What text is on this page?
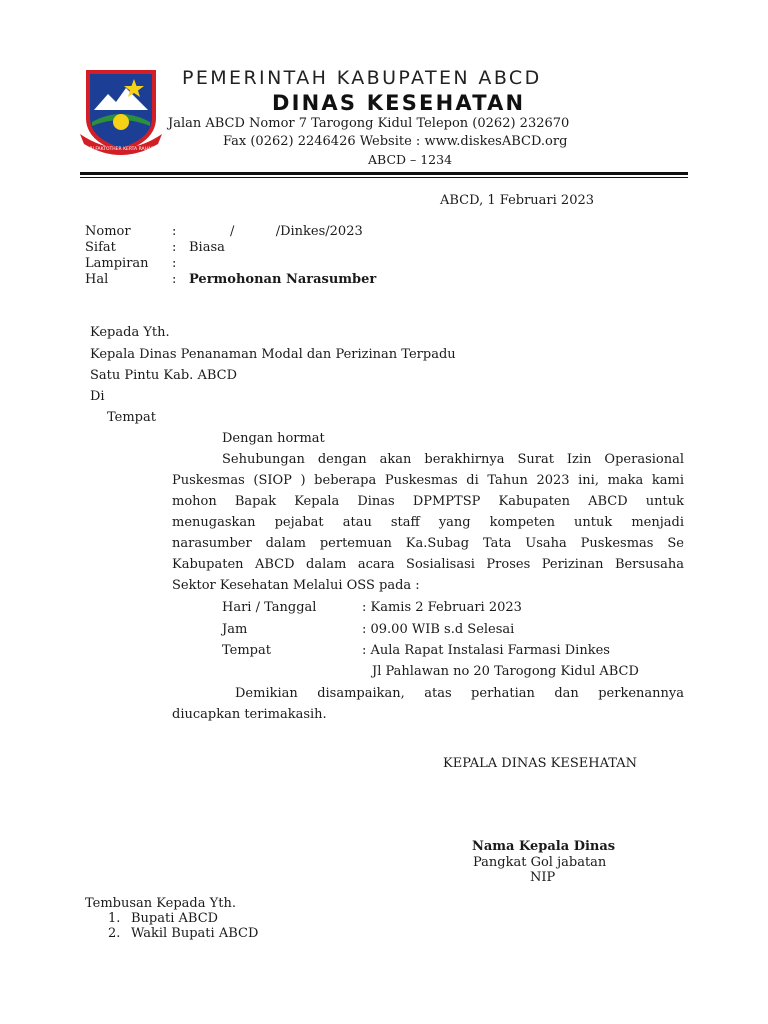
SARI FAKTOTHER KERTA RAHARJA
PEMERINTAH KABUPATEN ABCD
DINAS KESEHATAN
Jalan ABCD Nomor 7 Tarogong Kidul Telepon (0262) 232670
Fax (0262) 2246426 Website : www.diskesABCD.org
ABCD – 1234
ABCD, 1 Februari 2023
Nomor	:	/          /Dinkes/2023
Sifat	: Biasa
Lampiran :
Hal	: Permohonan Narasumber
Kepada Yth.
Kepala Dinas Penanaman Modal dan Perizinan Terpadu
Satu Pintu Kab. ABCD
Di
Tempat
Dengan hormat
Sehubungan dengan akan berakhirnya Surat Izin Operasional
Puskesmas (SIOP ) beberapa Puskesmas di Tahun 2023 ini, maka kami
mohon Bapak Kepala Dinas DPMPTSP Kabupaten ABCD untuk
menugaskan pejabat atau staff yang kompeten untuk menjadi
narasumber dalam pertemuan Ka.Subag Tata Usaha Puskesmas Se
Kabupaten ABCD dalam acara Sosialisasi Proses Perizinan Bersusaha
Sektor Kesehatan Melalui OSS pada :
Hari / Tanggal	: Kamis 2 Februari 2023
Jam	: 09.00 WIB s.d Selesai
Tempat	: Aula Rapat Instalasi Farmasi Dinkes
Jl Pahlawan no 20 Tarogong Kidul ABCD
Demikian disampaikan, atas perhatian dan perkenannya
diucapkan terimakasih.
KEPALA DINAS KESEHATAN
Nama Kepala Dinas
Pangkat Gol jabatan
NIP
Tembusan Kepada Yth.
1. Bupati ABCD
2. Wakil Bupati ABCD
